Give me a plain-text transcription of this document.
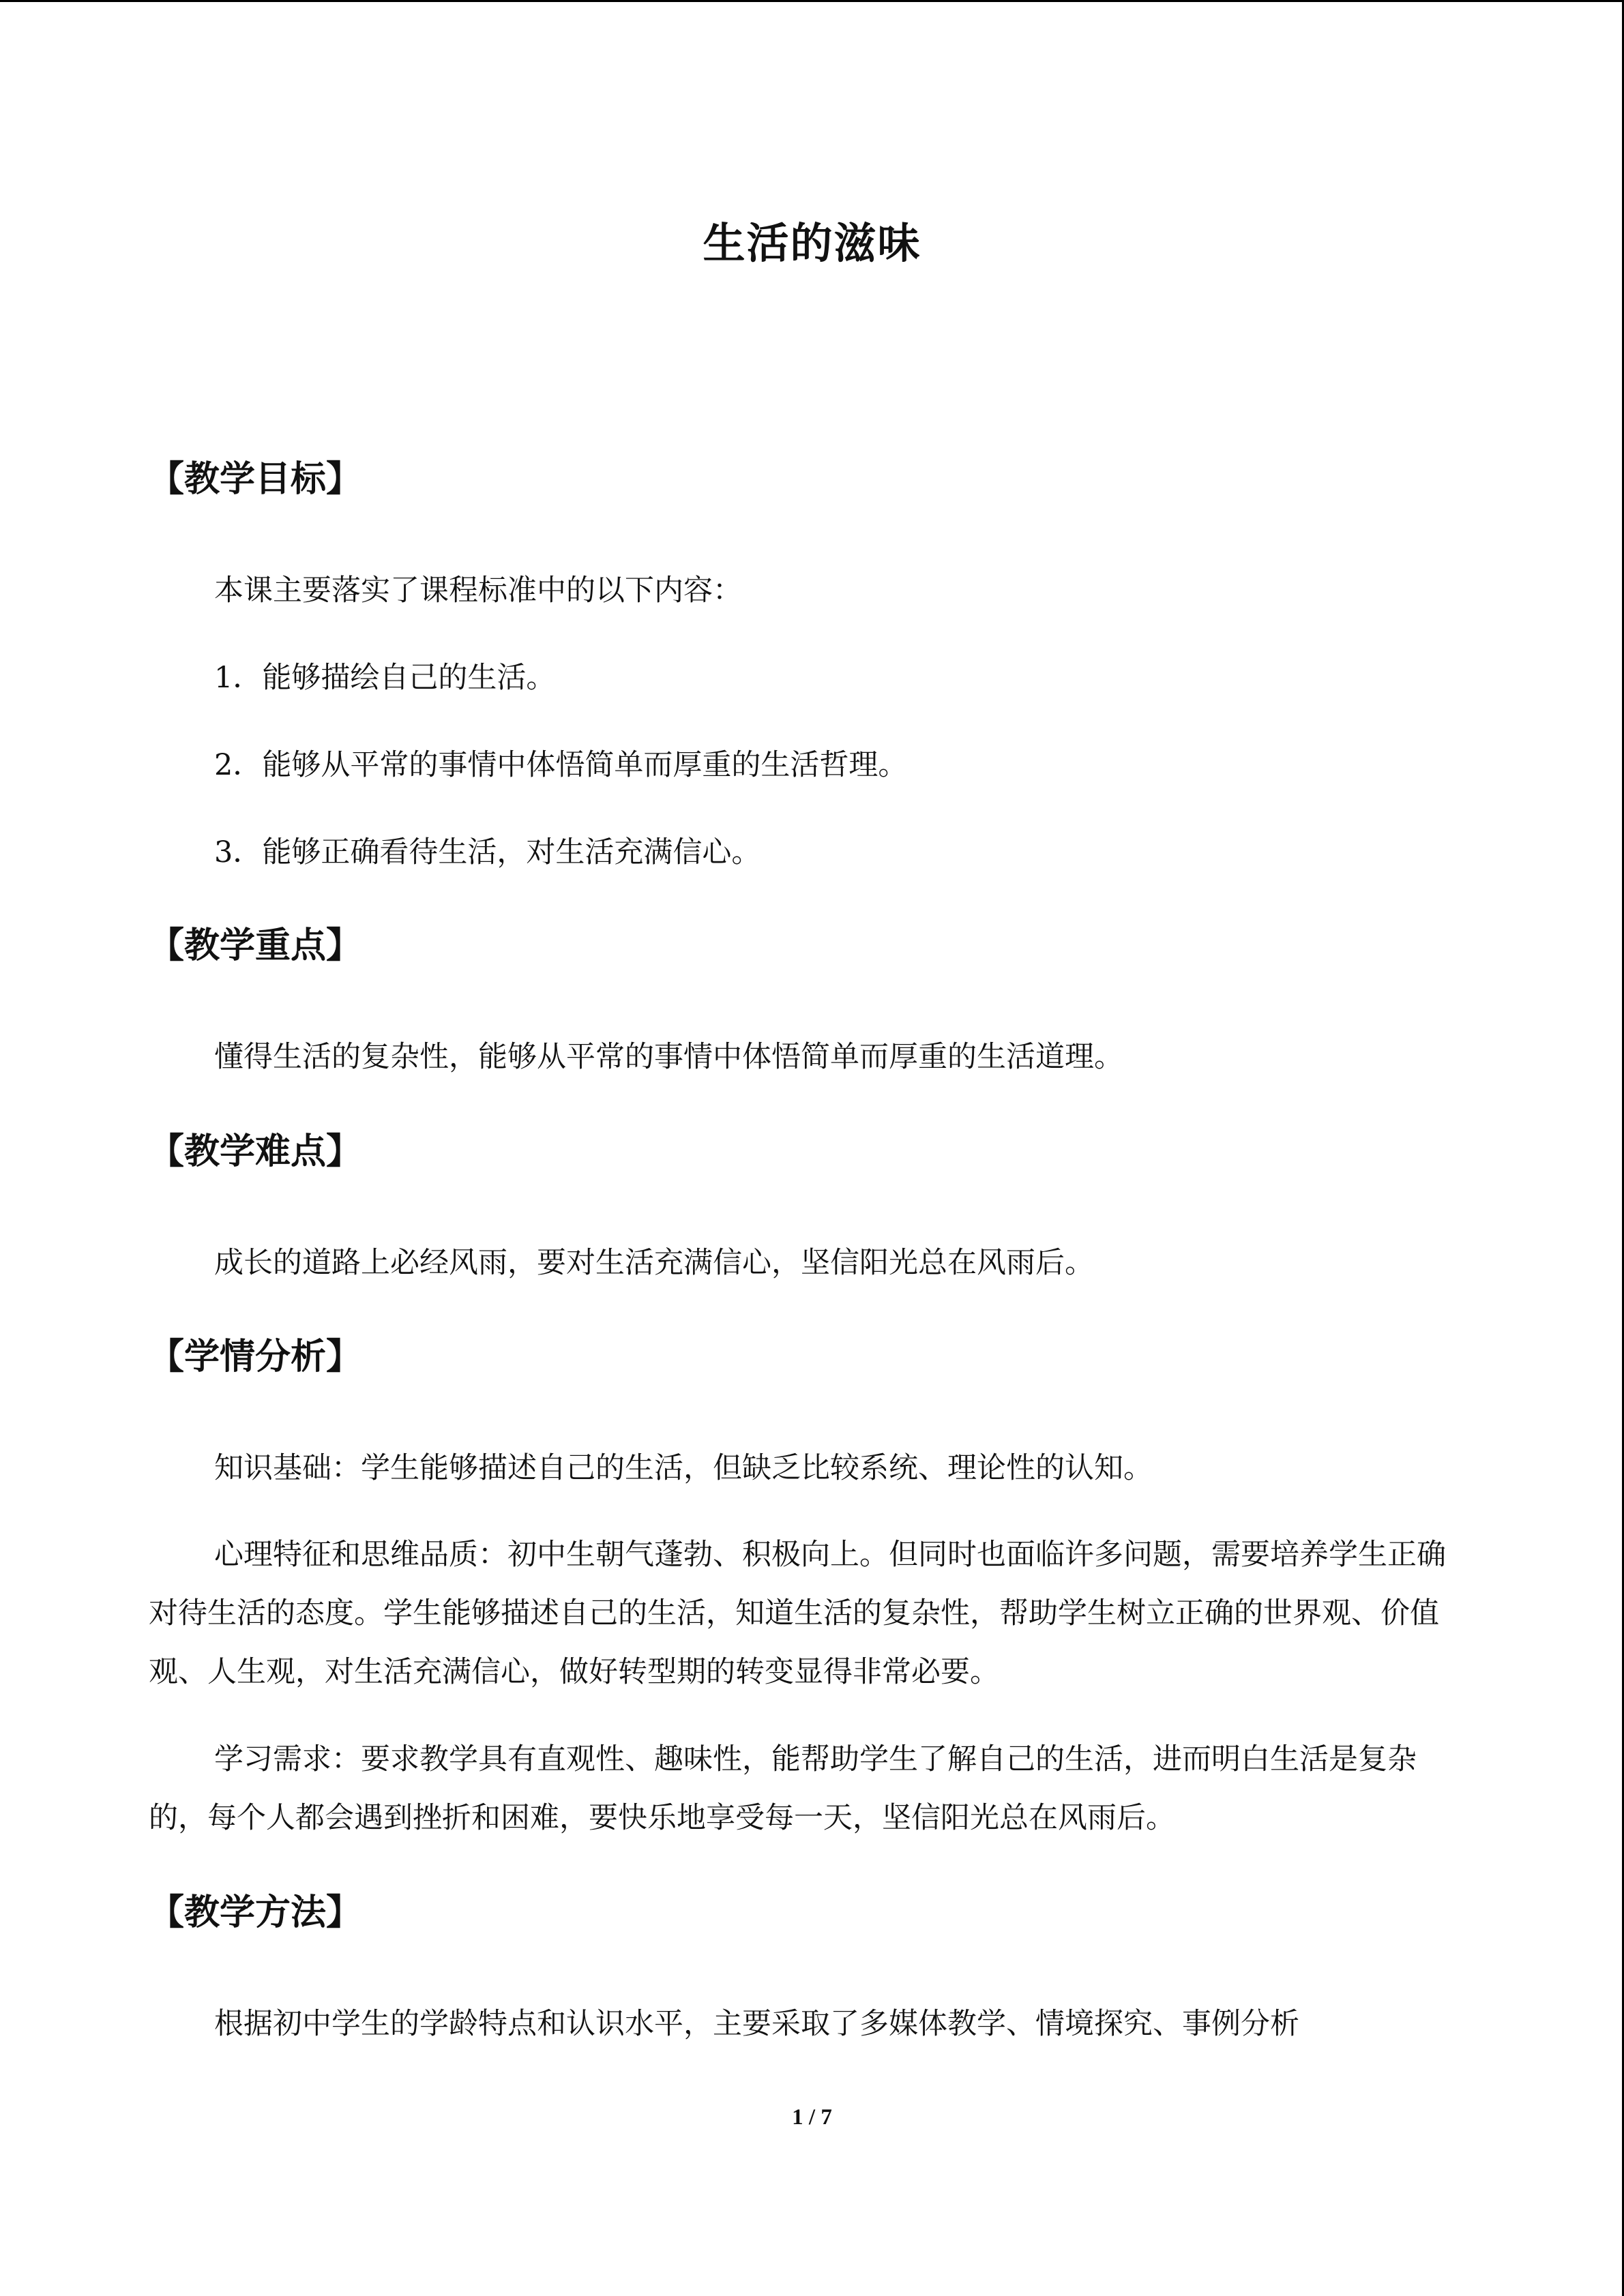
生活的滋味
【教学目标】
本课主要落实了课程标准中的以下内容：
1．能够描绘自己的生活。
2．能够从平常的事情中体悟简单而厚重的生活哲理。
3．能够正确看待生活，对生活充满信心。
【教学重点】
懂得生活的复杂性，能够从平常的事情中体悟简单而厚重的生活道理。
【教学难点】
成长的道路上必经风雨，要对生活充满信心，坚信阳光总在风雨后。
【学情分析】
知识基础：学生能够描述自己的生活，但缺乏比较系统、理论性的认知。
心理特征和思维品质：初中生朝气蓬勃、积极向上。但同时也面临许多问题，需要培养学生正确对待生活的态度。学生能够描述自己的生活，知道生活的复杂性，帮助学生树立正确的世界观、价值观、人生观，对生活充满信心，做好转型期的转变显得非常必要。
学习需求：要求教学具有直观性、趣味性，能帮助学生了解自己的生活，进而明白生活是复杂的，每个人都会遇到挫折和困难，要快乐地享受每一天，坚信阳光总在风雨后。
【教学方法】
根据初中学生的学龄特点和认识水平，主要采取了多媒体教学、情境探究、事例分析
1 / 7
